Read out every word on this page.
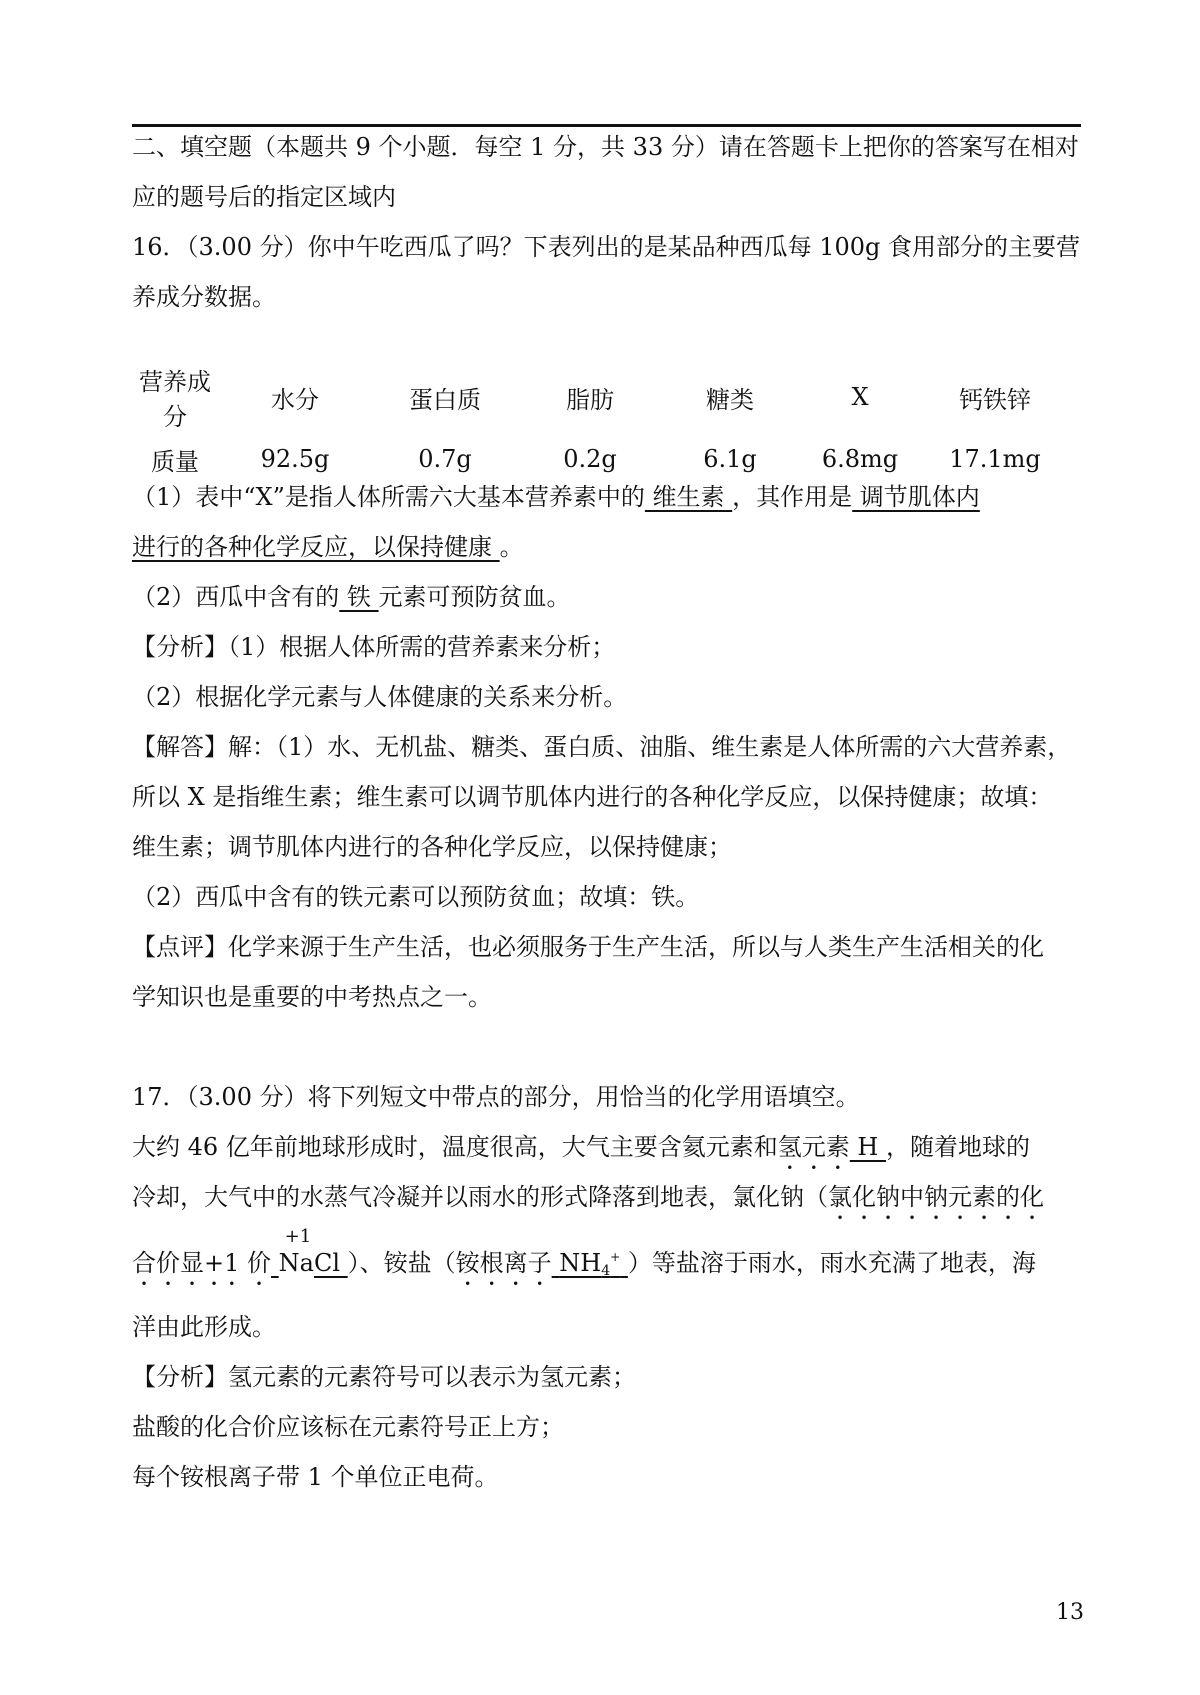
二、填空题（本题共 9 个小题．每空 1 分，共 33 分）请在答题卡上把你的答案写在相对
应的题号后的指定区域内
16．（3.00 分）你中午吃西瓜了吗？下表列出的是某品种西瓜每 100g 食用部分的主要营
养成分数据。
营养成分	水分	蛋白质	脂肪	糖类	X	钙铁锌
质量	92.5g	0.7g	0.2g	6.1g	6.8mg	17.1mg
（1）表中“X”是指人体所需六大基本营养素中的 维生素 ，其作用是 调节肌体内
进行的各种化学反应，以保持健康 。
（2）西瓜中含有的 铁 元素可预防贫血。
【分析】（1）根据人体所需的营养素来分析；
（2）根据化学元素与人体健康的关系来分析。
【解答】解：（1）水、无机盐、糖类、蛋白质、油脂、维生素是人体所需的六大营养素，
所以 X 是指维生素；维生素可以调节肌体内进行的各种化学反应，以保持健康；故填：
维生素；调节肌体内进行的各种化学反应，以保持健康；
（2）西瓜中含有的铁元素可以预防贫血；故填：铁。
【点评】化学来源于生产生活，也必须服务于生产生活，所以与人类生产生活相关的化
学知识也是重要的中考热点之一。
17．（3.00 分）将下列短文中带点的部分，用恰当的化学用语填空。
大约 46 亿年前地球形成时，温度很高，大气主要含氦元素和氢元素 H ，随着地球的
冷却，大气中的水蒸气冷凝并以雨水的形式降落到地表，氯化钠（氯化钠中钠元素的化
合价显+1 价
+1
NaCl ）、铵盐（铵根离子 $NH_4^+$ ）等盐溶于雨水，雨水充满了地表，海
洋由此形成。
【分析】氢元素的元素符号可以表示为氢元素；
盐酸的化合价应该标在元素符号正上方；
每个铵根离子带 1 个单位正电荷。
13
